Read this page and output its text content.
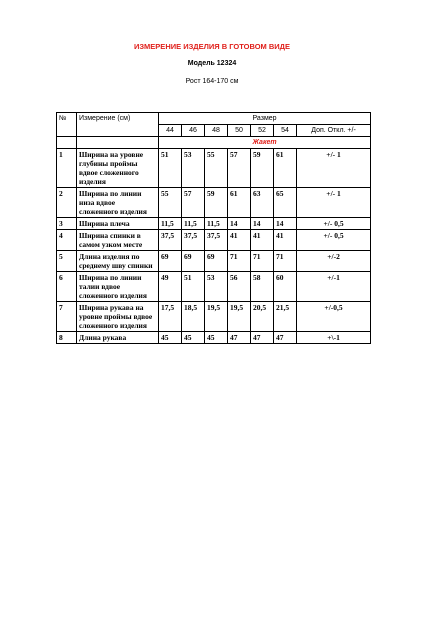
ИЗМЕРЕНИЕ ИЗДЕЛИЯ В ГОТОВОМ ВИДЕ
Модель 12324
Рост 164-170 см
№	Измерение (см)	Размер						
		44	46	48	50	52	54	Доп. Откл. +/-
		Жакет						
1	Ширина на уровне глубины проймы вдвое сложенного изделия	51	53	55	57	59	61	+/- 1
2	Ширина по линии низа вдвое сложенного изделия	55	57	59	61	63	65	+/- 1
3	Ширина плеча	11,5	11,5	11,5	14	14	14	+/- 0,5
4	Ширина спинки в самом узком месте	37,5	37,5	37,5	41	41	41	+/- 0,5
5	Длина изделия по среднему шву спинки	69	69	69	71	71	71	+/-2
6	Ширина по линии талии вдвое сложенного изделия	49	51	53	56	58	60	+/-1
7	Ширина рукава на уровне проймы вдвое сложенного изделия	17,5	18,5	19,5	19,5	20,5	21,5	+/-0,5
8	Длина рукава	45	45	45	47	47	47	+\-1
